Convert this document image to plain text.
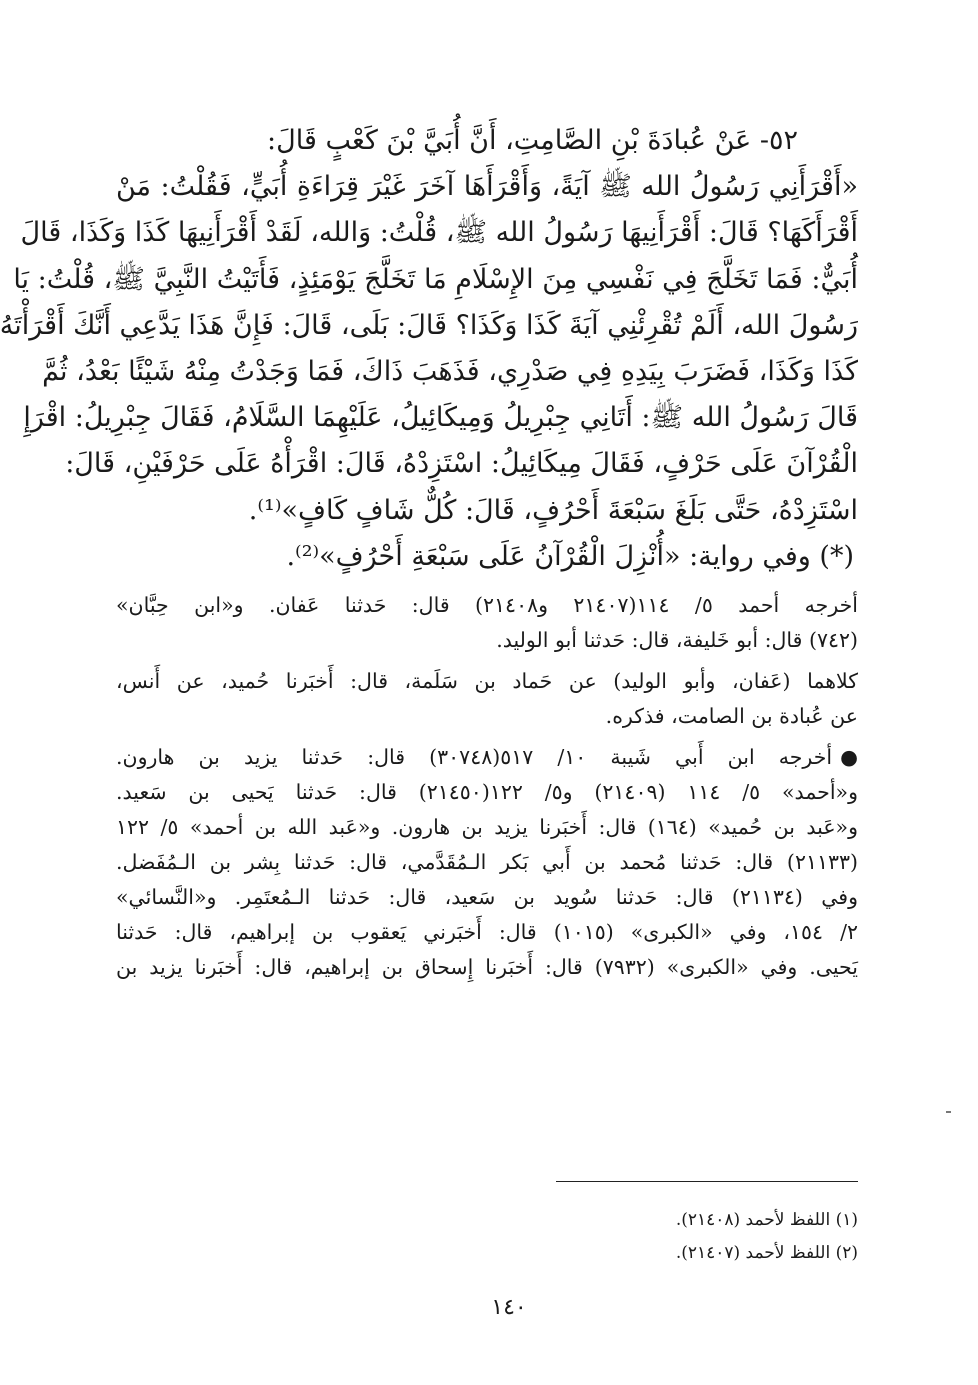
٥٢- عَنْ عُبادَةَ بْنِ الصَّامِتِ، أَنَّ أُبَيَّ بْنَ كَعْبٍ قَالَ:
«أَقْرَأَنِي رَسُولُ الله ﷺ آيَةً، وَأَقْرَأَهَا آخَرَ غَيْرَ قِرَاءَةِ أُبَيٍّ، فَقُلْتُ: مَنْ
أَقْرَأَكَهَا؟ قَالَ: أَقْرَأَنِيهَا رَسُولُ الله ﷺ، قُلْتُ: وَالله، لَقَدْ أَقْرَأَنِيهَا كَذَا وَكَذَا، قَالَ
أُبَيٌّ: فَمَا تَخَلَّجَ فِي نَفْسِي مِنَ الإِسْلَامِ مَا تَخَلَّجَ يَوْمَئِذٍ، فَأَتَيْتُ النَّبِيَّ ﷺ، قُلْتُ: يَا
رَسُولَ الله، أَلَمْ تُقْرِئْنِي آيَةَ كَذَا وَكَذَا؟ قَالَ: بَلَى، قَالَ: فَإِنَّ هَذَا يَدَّعِي أَنَّكَ أَقْرَأْتَهُ
كَذَا وَكَذَا، فَضَرَبَ بِيَدِهِ فِي صَدْرِي، فَذَهَبَ ذَاكَ، فَمَا وَجَدْتُ مِنْهُ شَيْئًا بَعْدُ، ثُمَّ
قَالَ رَسُولُ الله ﷺ: أَتَانِي جِبْرِيلُ وَمِيكَائِيلُ، عَلَيْهِمَا السَّلَامُ، فَقَالَ جِبْرِيلُ: اقْرَإِ
الْقُرْآنَ عَلَى حَرْفٍ، فَقَالَ مِيكَائِيلُ: اسْتَزِدْهُ، قَالَ: اقْرَأْهُ عَلَى حَرْفَيْنِ، قَالَ:
اسْتَزِدْهُ، حَتَّى بَلَغَ سَبْعَةَ أَحْرُفٍ، قَالَ: كُلٌّ شَافٍ كَافٍ»⁽¹⁾.
(*) وفي رواية: «أُنْزِلَ الْقُرْآنُ عَلَى سَبْعَةِ أَحْرُفٍ»⁽²⁾.
أخرجه أحمد ٥/ ١١٤(٢١٤٠٧ و٢١٤٠٨) قال: حَدثنا عَفان. و«ابن حِبَّان»
(٧٤٢) قال: أبو خَليفة، قال: حَدثنا أبو الوليد.
كلاهما (عَفان، وأبو الوليد) عن حَماد بن سَلَمة، قال: أَخبَرنا حُميد، عن أَنس،
عن عُبادة بن الصامت، فذكره.
●أخرجه ابن أَبي شَيبة ١٠/ ٥١٧(٣٠٧٤٨) قال: حَدثنا يزيد بن هارون.
و«أحمد» ٥/ ١١٤ (٢١٤٠٩) و٥/ ١٢٢(٢١٤٥٠) قال: حَدثنا يَحيى بن سَعيد.
و«عَبد بن حُميد» (١٦٤) قال: أَخبَرنا يزيد بن هارون. و«عَبد الله بن أحمد» ٥/ ١٢٢
(٢١١٣٣) قال: حَدثنا مُحمد بن أَبي بَكر الـمُقَدَّمي، قال: حَدثنا بِشر بن الـمُفَضل.
وفي (٢١١٣٤) قال: حَدثنا سُويد بن سَعيد، قال: حَدثنا الـمُعتَمِر. و«النَّسائي»
٢/ ١٥٤، وفي «الكبرى» (١٠١٥) قال: أَخبَرني يَعقوب بن إبراهيم، قال: حَدثنا
يَحيى. وفي «الكبرى» (٧٩٣٢) قال: أَخبَرنا إِسحاق بن إبراهيم، قال: أَخبَرنا يزيد بن
(١) اللفظ لأحمد (٢١٤٠٨).
(٢) اللفظ لأحمد (٢١٤٠٧).
١٤٠
